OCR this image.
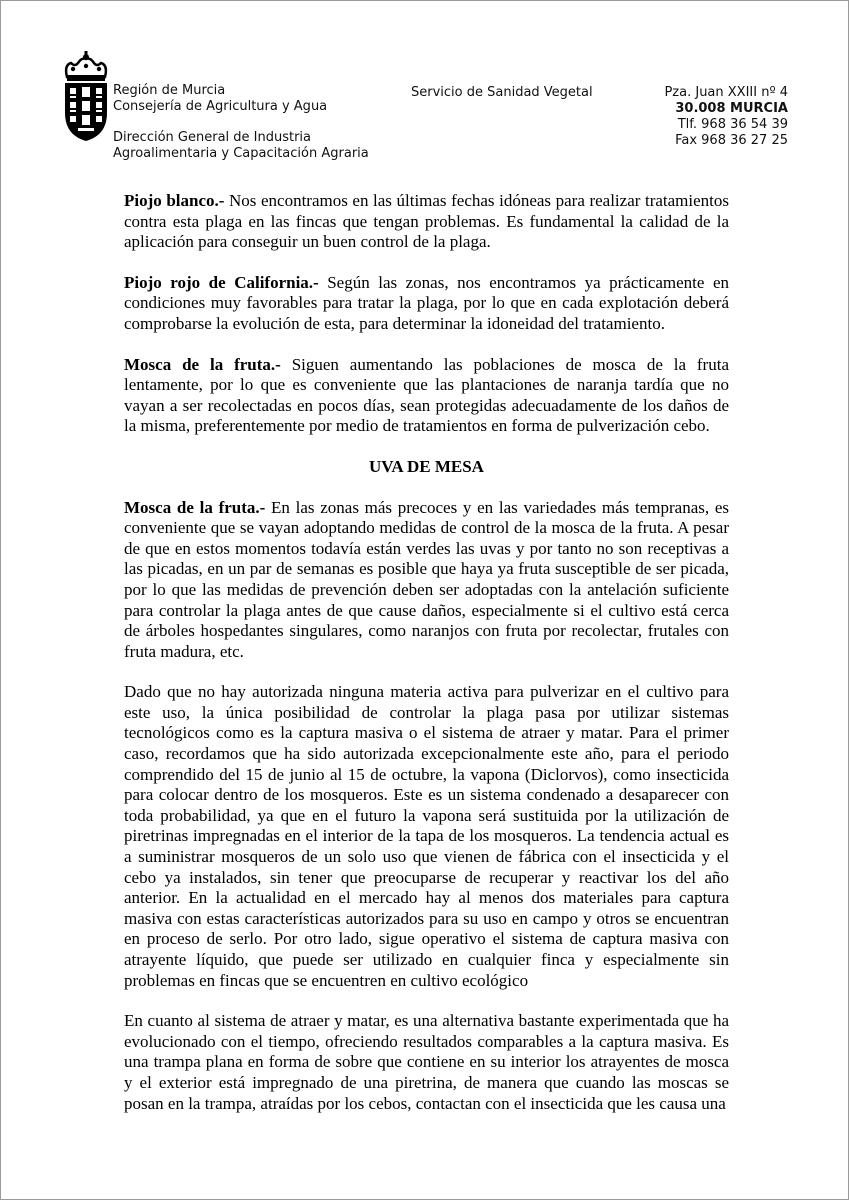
Región de Murcia
Consejería de Agricultura y Agua
Dirección General de Industria
Agroalimentaria y Capacitación Agraria
Servicio de Sanidad Vegetal	Pza. Juan XXIII nº 4
30.008 MURCIA
Tlf. 968 36 54 39
Fax 968 36 27 25

Piojo blanco.- Nos encontramos en las últimas fechas idóneas para realizar tratamientos contra esta plaga en las fincas que tengan problemas. Es fundamental la calidad de la aplicación para conseguir un buen control de la plaga.

Piojo rojo de California.- Según las zonas, nos encontramos ya prácticamente en condiciones muy favorables para tratar la plaga, por lo que en cada explotación deberá comprobarse la evolución de esta, para determinar la idoneidad del tratamiento.

Mosca de la fruta.- Siguen aumentando las poblaciones de mosca de la fruta lentamente, por lo que es conveniente que las plantaciones de naranja tardía que no vayan a ser recolectadas en pocos días, sean protegidas adecuadamente de los daños de la misma, preferentemente por medio de tratamientos en forma de pulverización cebo.

UVA DE MESA

Mosca de la fruta.- En las zonas más precoces y en las variedades más tempranas, es conveniente que se vayan adoptando medidas de control de la mosca de la fruta. A pesar de que en estos momentos todavía están verdes las uvas y por tanto no son receptivas a las picadas, en un par de semanas es posible que haya ya fruta susceptible de ser picada, por lo que las medidas de prevención deben ser adoptadas con la antelación suficiente para controlar la plaga antes de que cause daños, especialmente si el cultivo está cerca de árboles hospedantes singulares, como naranjos con fruta por recolectar, frutales con fruta madura, etc.

Dado que no hay autorizada ninguna materia activa para pulverizar en el cultivo para este uso, la única posibilidad de controlar la plaga pasa por utilizar sistemas tecnológicos como es la captura masiva o el sistema de atraer y matar. Para el primer caso, recordamos que ha sido autorizada excepcionalmente este año, para el periodo comprendido del 15 de junio al 15 de octubre, la vapona (Diclorvos), como insecticida para colocar dentro de los mosqueros. Este es un sistema condenado a desaparecer con toda probabilidad, ya que en el futuro la vapona será sustituida por la utilización de piretrinas impregnadas en el interior de la tapa de los mosqueros. La tendencia actual es a suministrar mosqueros de un solo uso que vienen de fábrica con el insecticida y el cebo ya instalados, sin tener que preocuparse de recuperar y reactivar los del año anterior. En la actualidad en el mercado hay al menos dos materiales para captura masiva con estas características autorizados para su uso en campo y otros se encuentran en proceso de serlo. Por otro lado, sigue operativo el sistema de captura masiva con atrayente líquido, que puede ser utilizado en cualquier finca y especialmente sin problemas en fincas que se encuentren en cultivo ecológico

En cuanto al sistema de atraer y matar, es una alternativa bastante experimentada que ha evolucionado con el tiempo, ofreciendo resultados comparables a la captura masiva. Es una trampa plana en forma de sobre que contiene en su interior los atrayentes de mosca y el exterior está impregnado de una piretrina, de manera que cuando las moscas se posan en la trampa, atraídas por los cebos, contactan con el insecticida que les causa una
